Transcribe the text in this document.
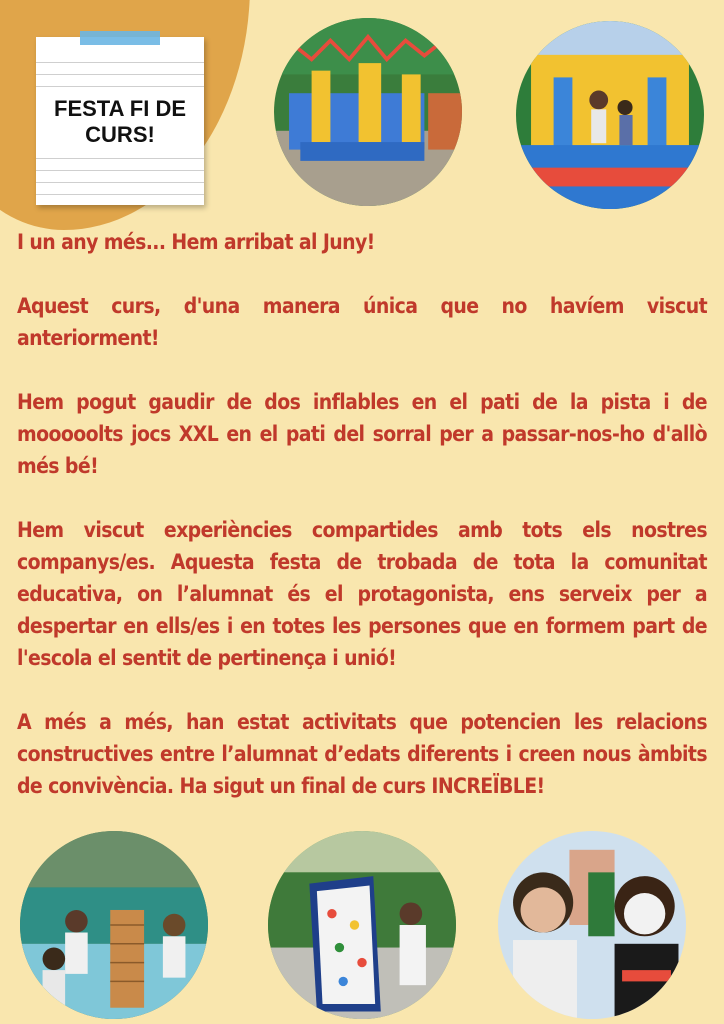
FESTA FI DE CURS!

I un any més... Hem arribat al Juny!

Aquest curs, d'una manera única que no havíem viscut anteriorment!

Hem pogut gaudir de dos inflables en el pati de la pista i de mooooolts jocs XXL en el pati del sorral per a passar-nos-ho d'allò més bé!

Hem viscut experiències compartides amb tots els nostres companys/es. Aquesta festa de trobada de tota la comunitat educativa, on l’alumnat és el protagonista, ens serveix per a despertar en ells/es i en totes les persones que en formem part de l'escola el sentit de pertinença i unió!

A més a més, han estat activitats que potencien les relacions constructives entre l’alumnat d’edats diferents i creen nous àmbits de convivència. Ha sigut un final de curs INCREÏBLE!
